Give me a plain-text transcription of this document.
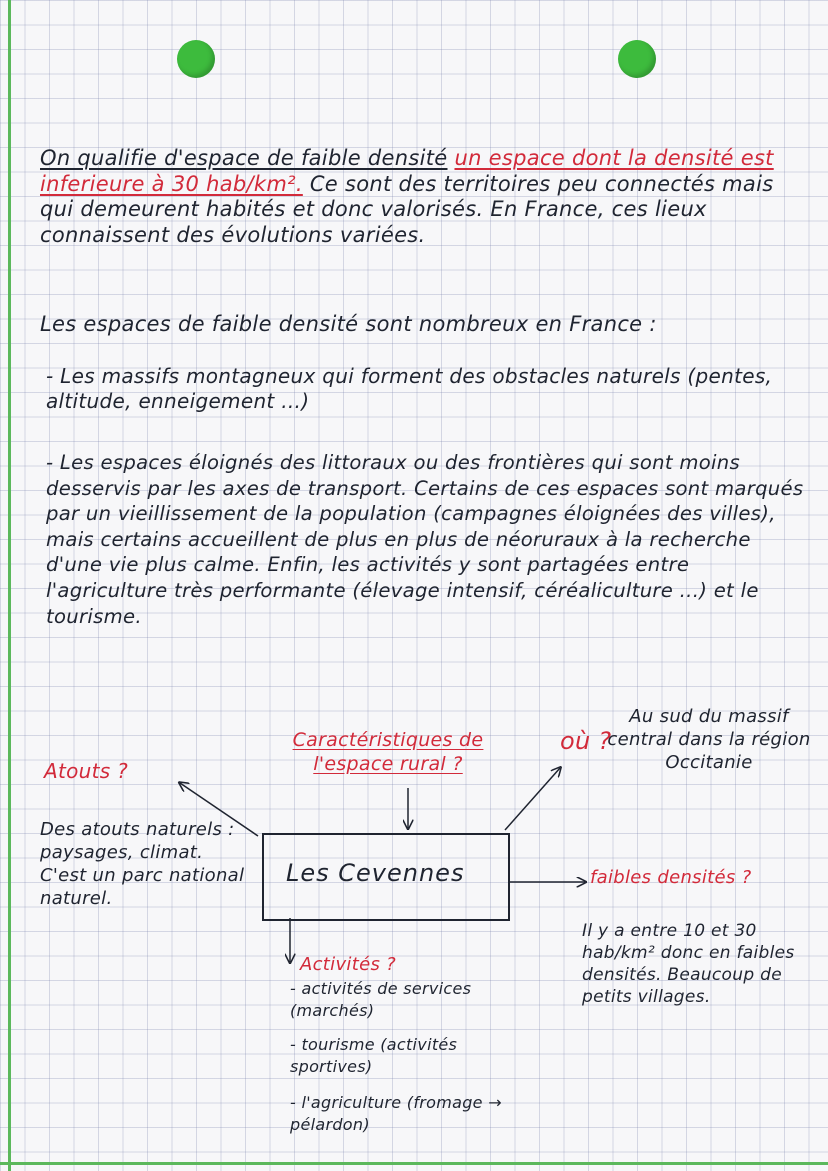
On qualifie d'espace de faible densité un espace dont la densité est inferieure à 30 hab/km². Ce sont des territoires peu connectés mais qui demeurent habités et donc valorisés. En France, ces lieux connaissent des évolutions variées.
Les espaces de faible densité sont nombreux en France :
- Les massifs montagneux qui forment des obstacles naturels (pentes, altitude, enneigement ...)
- Les espaces éloignés des littoraux ou des frontières qui sont moins desservis par les axes de transport. Certains de ces espaces sont marqués par un vieillissement de la population (campagnes éloignées des villes), mais certains accueillent de plus en plus de néoruraux à la recherche d'une vie plus calme. Enfin, les activités y sont partagées entre l'agriculture très performante (élevage intensif, céréaliculture ...) et le tourisme.
Caractéristiques de l'espace rural ?
Atouts ?
Des atouts naturels : paysages, climat. C'est un parc national naturel.
où ?
Au sud du massif central dans la région Occitanie
Les Cevennes	faibles densités ?
Il y a entre 10 et 30 hab/km² donc en faibles densités. Beaucoup de petits villages.
Activités ?
- activités de services (marchés)
- tourisme (activités sportives)
- l'agriculture (fromage → pélardon)
